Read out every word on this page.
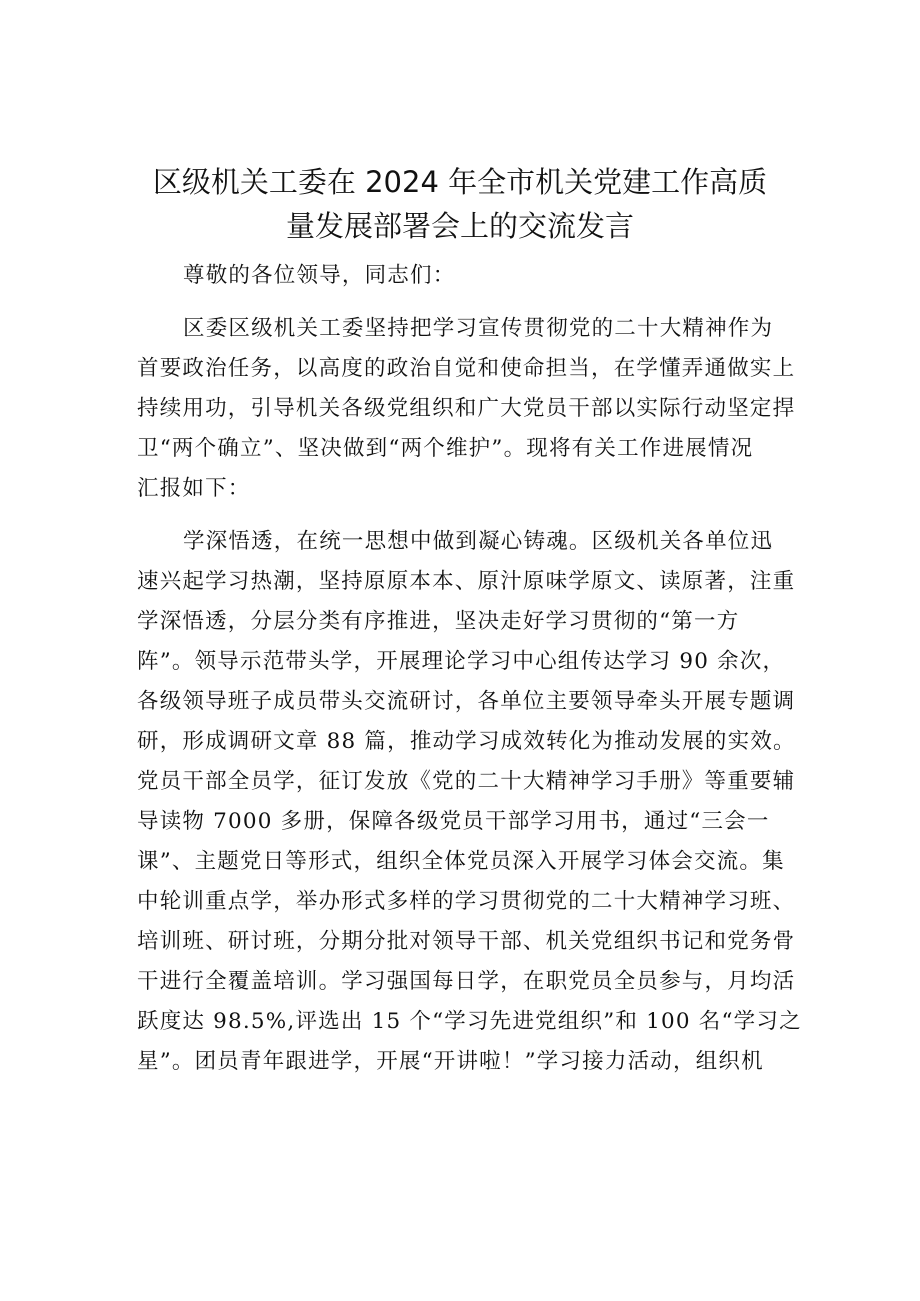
区级机关工委在 2024 年全市机关党建工作高质
量发展部署会上的交流发言
尊敬的各位领导，同志们：
区委区级机关工委坚持把学习宣传贯彻党的二十大精神作为
首要政治任务，以高度的政治自觉和使命担当，在学懂弄通做实上
持续用功，引导机关各级党组织和广大党员干部以实际行动坚定捍
卫“两个确立”、坚决做到“两个维护”。现将有关工作进展情况
汇报如下：
学深悟透，在统一思想中做到凝心铸魂。区级机关各单位迅
速兴起学习热潮，坚持原原本本、原汁原味学原文、读原著，注重
学深悟透，分层分类有序推进，坚决走好学习贯彻的“第一方
阵”。领导示范带头学，开展理论学习中心组传达学习 90 余次，
各级领导班子成员带头交流研讨，各单位主要领导牵头开展专题调
研，形成调研文章 88 篇，推动学习成效转化为推动发展的实效。
党员干部全员学，征订发放《党的二十大精神学习手册》等重要辅
导读物 7000 多册，保障各级党员干部学习用书，通过“三会一
课”、主题党日等形式，组织全体党员深入开展学习体会交流。集
中轮训重点学，举办形式多样的学习贯彻党的二十大精神学习班、
培训班、研讨班，分期分批对领导干部、机关党组织书记和党务骨
干进行全覆盖培训。学习强国每日学，在职党员全员参与，月均活
跃度达 98.5%,评选出 15 个“学习先进党组织”和 100 名“学习之
星”。团员青年跟进学，开展“开讲啦！”学习接力活动，组织机
